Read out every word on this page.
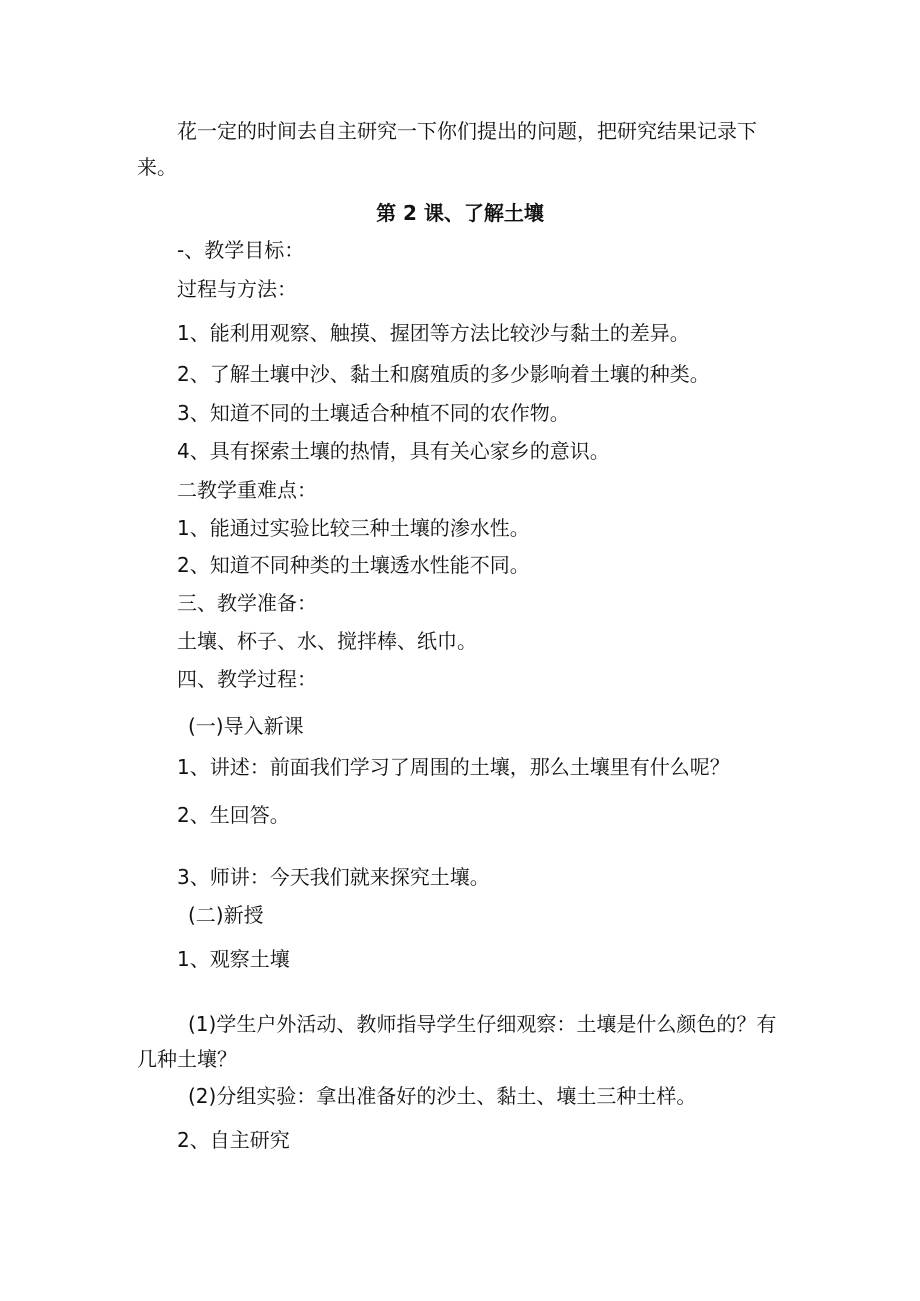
花一定的时间去自主研究一下你们提出的问题，把研究结果记录下

来。

第 2 课、了解土壤

-、教学目标：

过程与方法：

1、能利用观察、触摸、握团等方法比较沙与黏土的差异。

2、了解土壤中沙、黏土和腐殖质的多少影响着土壤的种类。

3、知道不同的土壤适合种植不同的农作物。

4、具有探索土壤的热情，具有关心家乡的意识。

二教学重难点：

1、能通过实验比较三种土壤的渗水性。

2、知道不同种类的土壤透水性能不同。

三、教学准备：

土壤、杯子、水、搅拌棒、纸巾。

四、教学过程：

(一)导入新课

1、讲述：前面我们学习了周围的土壤，那么土壤里有什么呢？

2、生回答。

3、师讲：今天我们就来探究土壤。

(二)新授

1、观察土壤

(1)学生户外活动、教师指导学生仔细观察：土壤是什么颜色的？有

几种土壤？

(2)分组实验：拿出准备好的沙土、黏土、壤土三种土样。

2、自主研究
